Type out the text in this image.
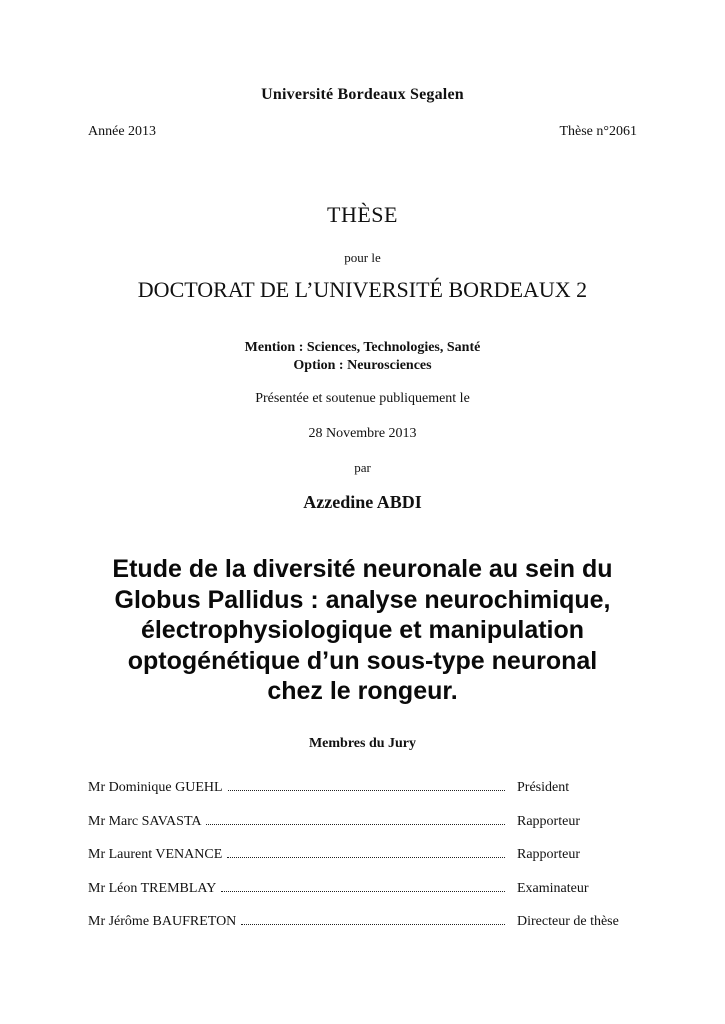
Université Bordeaux Segalen
Année 2013	Thèse n°2061
THÈSE
pour le
DOCTORAT DE L’UNIVERSITÉ BORDEAUX 2
Mention : Sciences, Technologies, Santé
Option : Neurosciences
Présentée et soutenue publiquement le
28 Novembre 2013
par
Azzedine ABDI
Etude de la diversité neuronale au sein du
Globus Pallidus : analyse neurochimique,
électrophysiologique et manipulation
optogénétique d’un sous-type neuronal
chez le rongeur.
Membres du Jury
Mr Dominique GUEHL	Président
Mr Marc SAVASTA	Rapporteur
Mr Laurent VENANCE	Rapporteur
Mr Léon TREMBLAY	Examinateur
Mr Jérôme BAUFRETON	Directeur de thèse
